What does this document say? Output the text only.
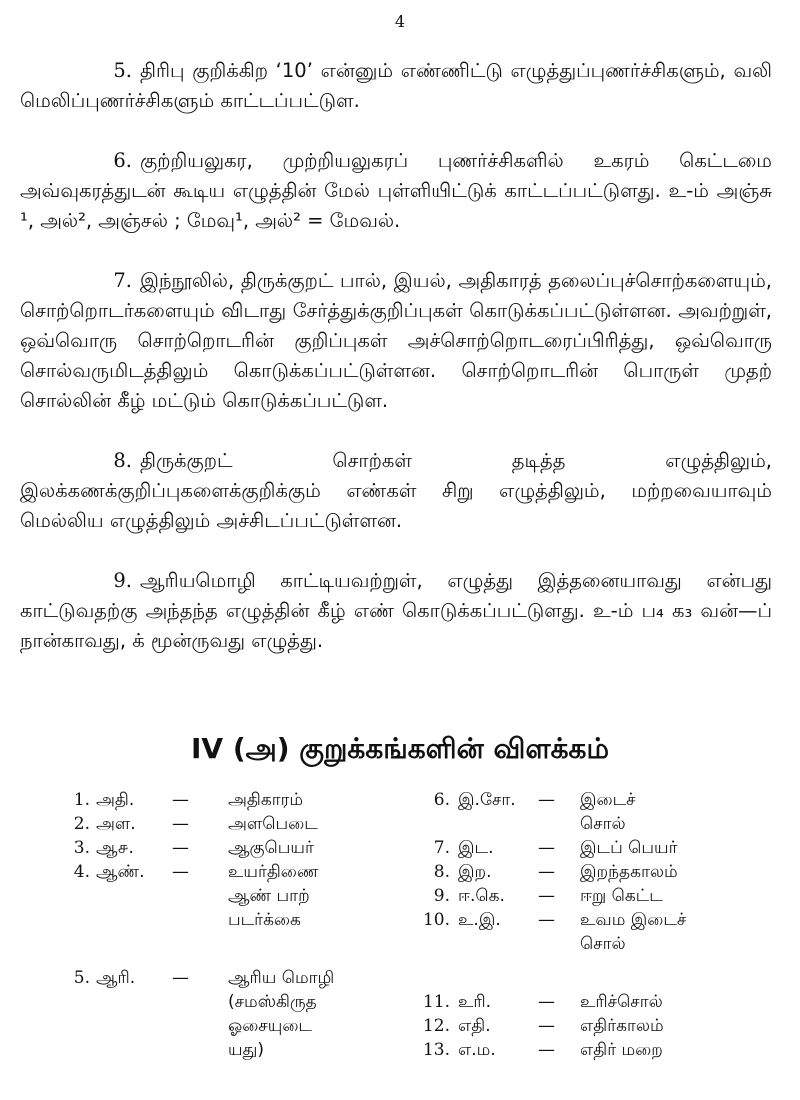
4

5. திரிபு குறிக்கிற ‘10’ என்னும் எண்ணிட்டு எழுத்துப்புணர்ச்சிகளும், வலி மெலிப்புணர்ச்சிகளும் காட்டப்பட்டுள.

6. குற்றியலுகர, முற்றியலுகரப் புணர்ச்சிகளில் உகரம் கெட்டமை அவ்வுகரத்துடன் கூடிய எழுத்தின் மேல் புள்ளியிட்டுக் காட்டப்பட்டுளது. உ-ம் அஞ்சு ¹, அல்², அஞ்சல் ; மேவு¹, அல்² = மேவல்.

7. இந்நூலில், திருக்குறட் பால், இயல், அதிகாரத் தலைப்புச்சொற்களையும், சொற்றொடர்களையும் விடாது சேர்த்துக்குறிப்புகள் கொடுக்கப்பட்டுள்ளன. அவற்றுள், ஒவ்வொரு சொற்றொடரின் குறிப்புகள் அச்சொற்றொடரைப்பிரித்து, ஒவ்வொரு சொல்வருமிடத்திலும் கொடுக்கப்பட்டுள்ளன. சொற்றொடரின் பொருள் முதற் சொல்லின் கீழ் மட்டும் கொடுக்கப்பட்டுள.

8. திருக்குறட் சொற்கள் தடித்த எழுத்திலும், இலக்கணக்குறிப்புகளைக்குறிக்கும் எண்கள் சிறு எழுத்திலும், மற்றவையாவும் மெல்லிய எழுத்திலும் அச்சிடப்பட்டுள்ளன.

9. ஆரியமொழி காட்டியவற்றுள், எழுத்து இத்தனையாவது என்பது காட்டுவதற்கு அந்தந்த எழுத்தின் கீழ் எண் கொடுக்கப்பட்டுளது. உ-ம் ப₄ க₃ வன்—ப் நான்காவது, க் மூன்ருவது எழுத்து.

IV (அ) குறுக்கங்களின் விளக்கம்
1. அதி.	—	அதிகாரம்	6. இ.சோ.	—	இடைச்
2. அள.	—	அளபெடை	சொல்
3. ஆ௪.	—	ஆகுபெயர்	7. இட.	—	இடப் பெயர்
4. ஆண்.	—	உயர்திணை	8. இற.	—	இறந்தகாலம்
ஆண் பாற்	9. ஈ.கெ.	—	ஈறு கெட்ட
படர்க்கை	10. உ.இ.	—	உவம இடைச்
சொல்
5. ஆரி.	—	ஆரிய மொழி
(சமஸ்கிருத	11. உரி.	—	உரிச்சொல்
ஓசையுடை	12. எதி.	—	எதிர்காலம்
யது)	13. எ.ம.	—	எதிர் மறை
